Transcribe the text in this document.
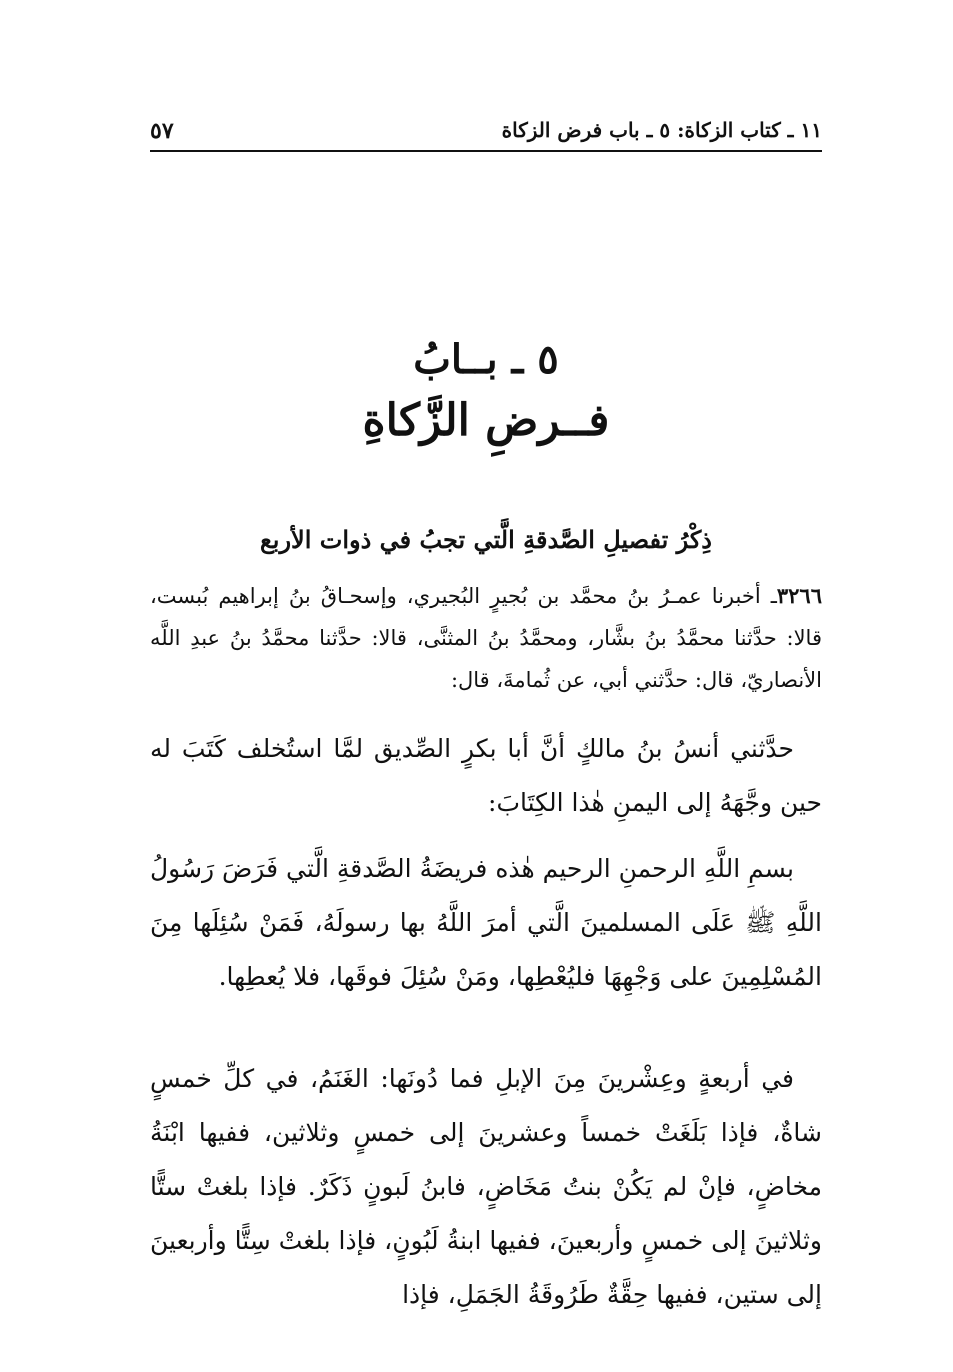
١١ ـ كتاب الزكاة: ٥ ـ باب فرض الزكاة
٥٧
٥ ـ بــابُ
فــرضِ الزَّكاةِ
ذِكْرُ تفصيلِ الصَّدقةِ الَّتي تجبُ في ذوات الأربع
٣٢٦٦ـ أخبرنا عمـرُ بنُ محمَّد بن بُجيرٍ البُجيري، وإسحـاقُ بنُ إبراهيم بُبست، قالا: حدَّثنا محمَّدُ بنُ بشَّار، ومحمَّدُ بنُ المثنَّى، قالا: حدَّثنا محمَّدُ بنُ عبدِ اللَّه الأنصاريّ، قال: حدَّثني أبي، عن ثُمامةَ، قال:
حدَّثني أنسُ بنُ مالكٍ أنَّ أبا بكرٍ الصِّديق لمَّا استُخلف كَتَبَ له حين وجَّهَهُ إلى اليمنِ هٰذا الكِتَابَ:
بسمِ اللَّهِ الرحمنِ الرحيم هٰذه فريضَةُ الصَّدقةِ الَّتي فَرَضَ رَسُولُ اللَّهِ ﷺ عَلَى المسلمينَ الَّتي أمرَ اللَّهُ بها رسولَهُ، فَمَنْ سُئِلَها مِنَ المُسْلِمِينَ على وَجْهِهَا فليُعْطِها، ومَنْ سُئِلَ فوقَها، فلا يُعطِها.
في أربعةٍ وعِشْرينَ مِنَ الإبلِ فما دُونَها: الغَنَمُ، في كلِّ خمسٍ شاةٌ، فإذا بَلَغَتْ خمساً وعشرينَ إلى خمسٍ وثلاثين، ففيها ابْنَةُ مخاضٍ، فإنْ لم يَكُنْ بنتُ مَخَاضٍ، فابنُ لَبونٍ ذَكَرٌ. فإذا بلغتْ ستًّا وثلاثينَ إلى خمسٍ وأربعينَ، ففيها ابنةُ لَبُونٍ، فإذا بلغتْ سِتًّا وأربعينَ إلى ستين، ففيها حِقَّةٌ طَرُوقَةُ الجَمَلِ، فإذا
